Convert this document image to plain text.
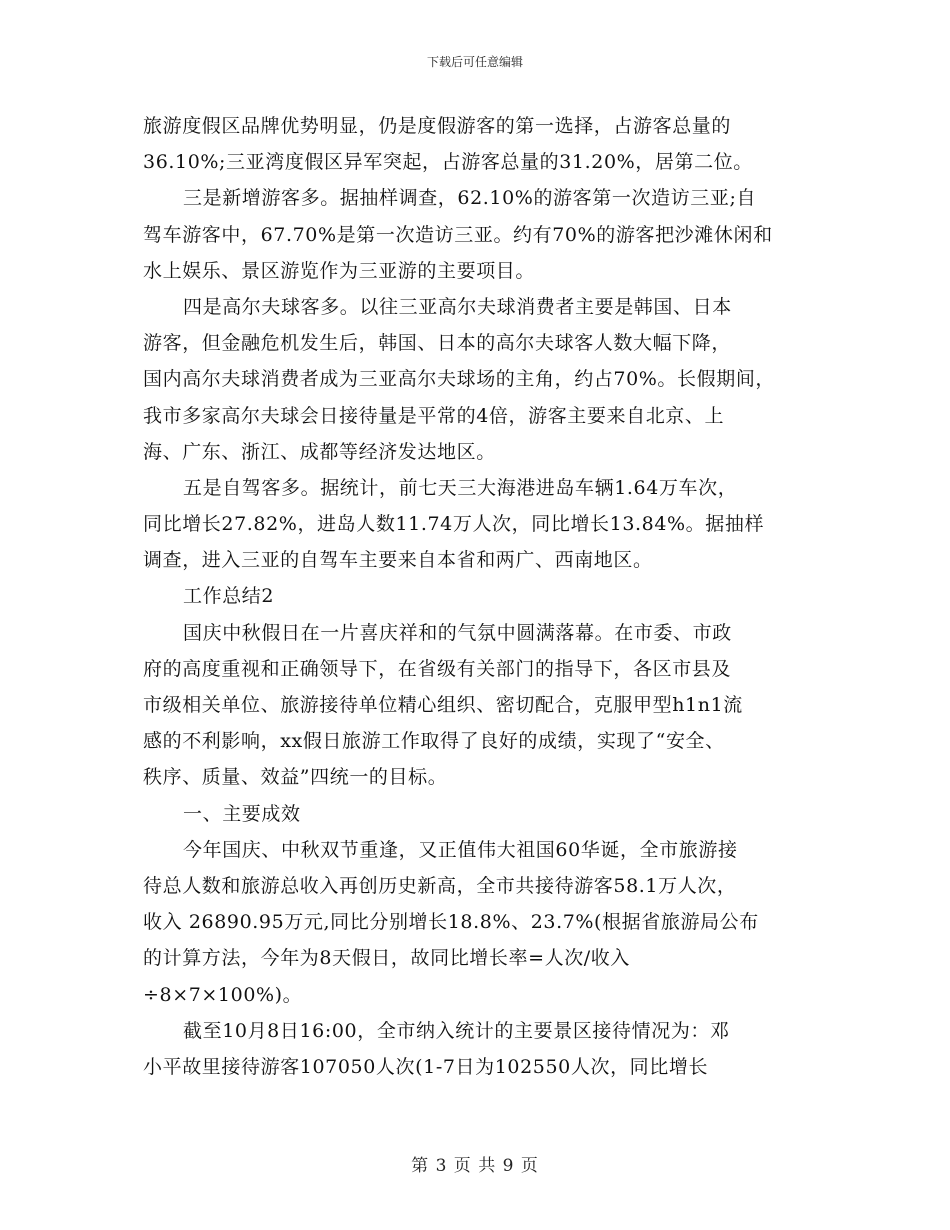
下载后可任意编辑
旅游度假区品牌优势明显，仍是度假游客的第一选择，占游客总量的
36.10%;三亚湾度假区异军突起，占游客总量的31.20%，居第二位。
三是新增游客多。据抽样调查，62.10%的游客第一次造访三亚;自
驾车游客中，67.70%是第一次造访三亚。约有70%的游客把沙滩休闲和
水上娱乐、景区游览作为三亚游的主要项目。
四是高尔夫球客多。以往三亚高尔夫球消费者主要是韩国、日本
游客，但金融危机发生后，韩国、日本的高尔夫球客人数大幅下降，
国内高尔夫球消费者成为三亚高尔夫球场的主角，约占70%。长假期间，
我市多家高尔夫球会日接待量是平常的4倍，游客主要来自北京、上
海、广东、浙江、成都等经济发达地区。
五是自驾客多。据统计，前七天三大海港进岛车辆1.64万车次，
同比增长27.82%，进岛人数11.74万人次，同比增长13.84%。据抽样
调查，进入三亚的自驾车主要来自本省和两广、西南地区。
工作总结2
国庆中秋假日在一片喜庆祥和的气氛中圆满落幕。在市委、市政
府的高度重视和正确领导下，在省级有关部门的指导下，各区市县及
市级相关单位、旅游接待单位精心组织、密切配合，克服甲型h1n1流
感的不利影响，xx假日旅游工作取得了良好的成绩，实现了“安全、
秩序、质量、效益”四统一的目标。
一、主要成效
今年国庆、中秋双节重逢，又正值伟大祖国60华诞，全市旅游接
待总人数和旅游总收入再创历史新高，全市共接待游客58.1万人次，
收入 26890.95万元,同比分别增长18.8%、23.7%(根据省旅游局公布
的计算方法，今年为8天假日，故同比增长率=人次/收入
÷8×7×100%)。
截至10月8日16:00，全市纳入统计的主要景区接待情况为：邓
小平故里接待游客107050人次(1-7日为102550人次，同比增长
第 3 页 共 9 页
